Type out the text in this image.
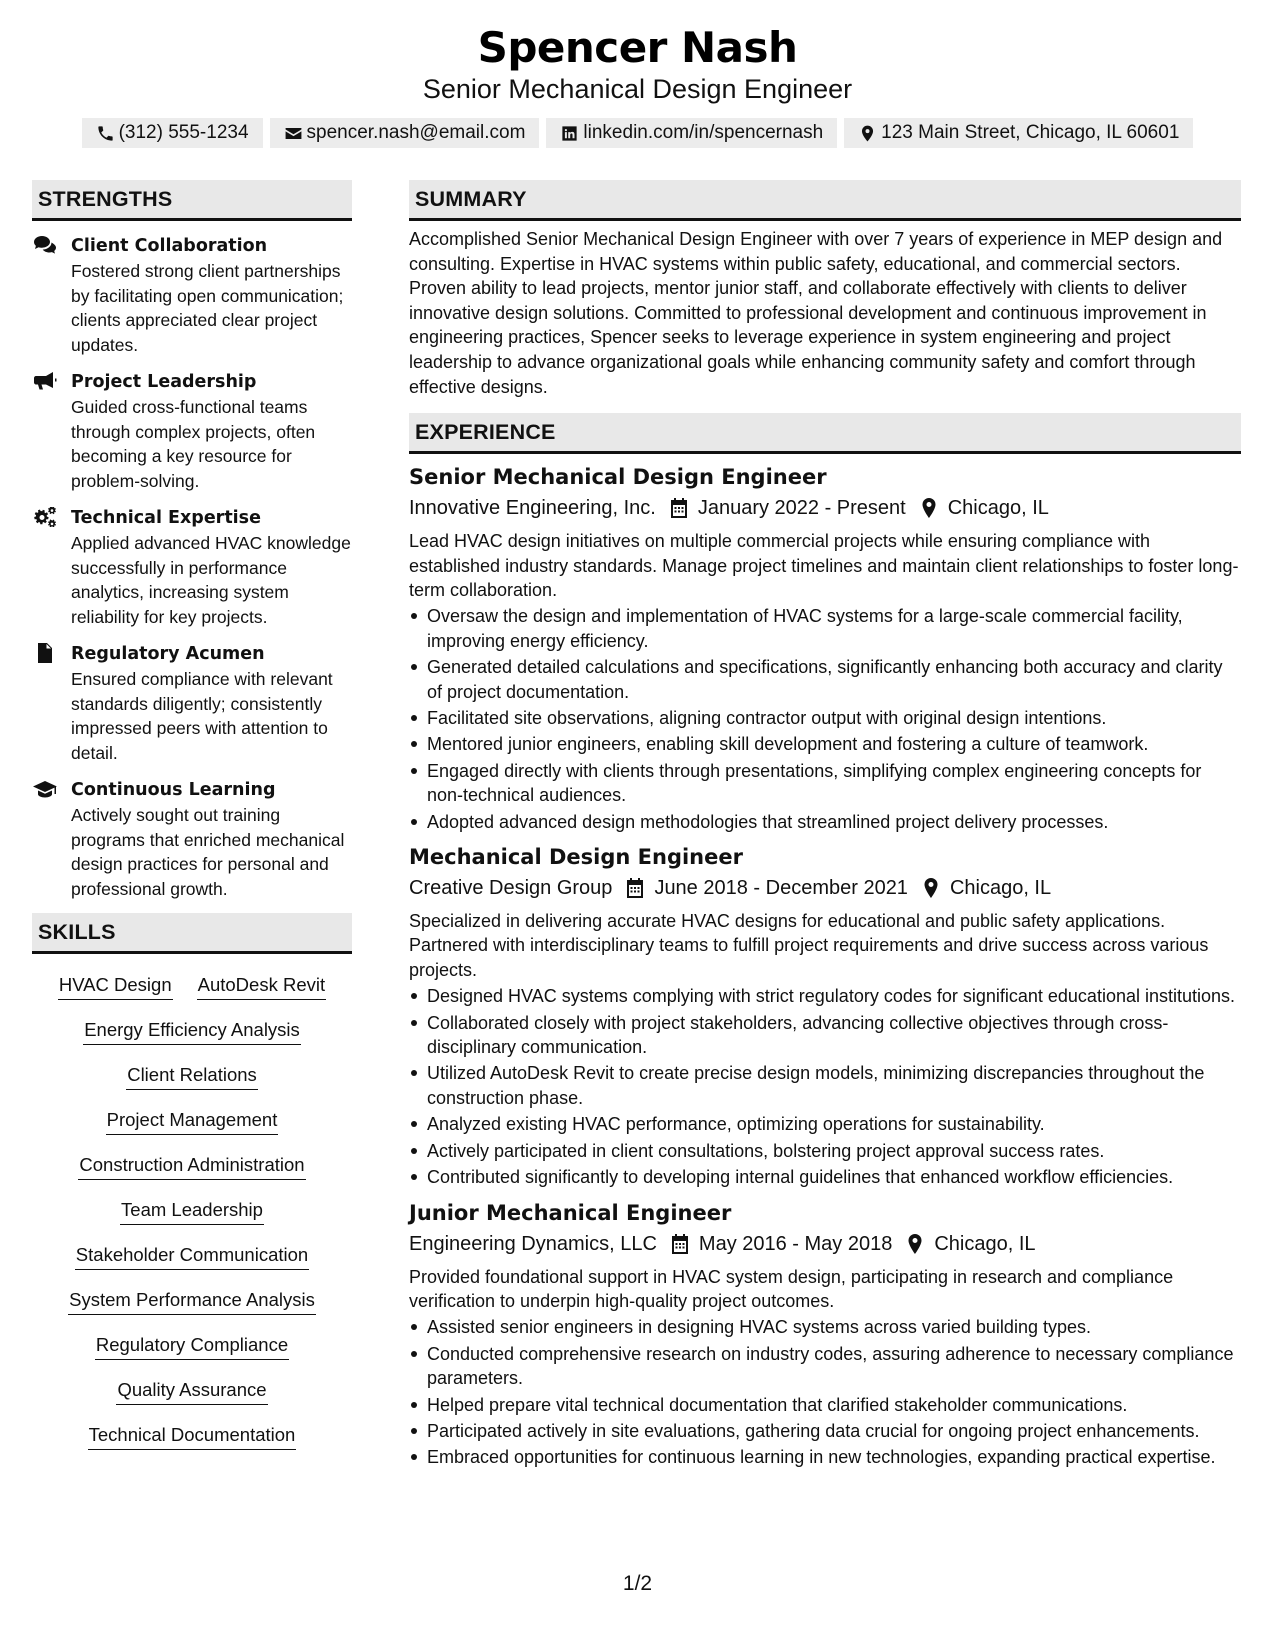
Spencer Nash
Senior Mechanical Design Engineer
(312) 555-1234	spencer.nash@email.com	linkedin.com/in/spencernash	123 Main Street, Chicago, IL 60601
STRENGTHS
Client Collaboration
Fostered strong client partnerships by facilitating open communication; clients appreciated clear project updates.
Project Leadership
Guided cross-functional teams through complex projects, often becoming a key resource for problem-solving.
Technical Expertise
Applied advanced HVAC knowledge successfully in performance analytics, increasing system reliability for key projects.
Regulatory Acumen
Ensured compliance with relevant standards diligently; consistently impressed peers with attention to detail.
Continuous Learning
Actively sought out training programs that enriched mechanical design practices for personal and professional growth.
SKILLS
HVAC Design AutoDesk Revit
Energy Efficiency Analysis
Client Relations
Project Management
Construction Administration
Team Leadership
Stakeholder Communication
System Performance Analysis
Regulatory Compliance
Quality Assurance
Technical Documentation
SUMMARY
Accomplished Senior Mechanical Design Engineer with over 7 years of experience in MEP design and consulting. Expertise in HVAC systems within public safety, educational, and commercial sectors. Proven ability to lead projects, mentor junior staff, and collaborate effectively with clients to deliver innovative design solutions. Committed to professional development and continuous improvement in engineering practices, Spencer seeks to leverage experience in system engineering and project leadership to advance organizational goals while enhancing community safety and comfort through effective designs.
EXPERIENCE
Senior Mechanical Design Engineer
Innovative Engineering, Inc. January 2022 - Present Chicago, IL
Lead HVAC design initiatives on multiple commercial projects while ensuring compliance with established industry standards. Manage project timelines and maintain client relationships to foster long-term collaboration.
Oversaw the design and implementation of HVAC systems for a large-scale commercial facility, improving energy efficiency.
Generated detailed calculations and specifications, significantly enhancing both accuracy and clarity of project documentation.
Facilitated site observations, aligning contractor output with original design intentions.
Mentored junior engineers, enabling skill development and fostering a culture of teamwork.
Engaged directly with clients through presentations, simplifying complex engineering concepts for non-technical audiences.
Adopted advanced design methodologies that streamlined project delivery processes.
Mechanical Design Engineer
Creative Design Group June 2018 - December 2021 Chicago, IL
Specialized in delivering accurate HVAC designs for educational and public safety applications. Partnered with interdisciplinary teams to fulfill project requirements and drive success across various projects.
Designed HVAC systems complying with strict regulatory codes for significant educational institutions.
Collaborated closely with project stakeholders, advancing collective objectives through cross-disciplinary communication.
Utilized AutoDesk Revit to create precise design models, minimizing discrepancies throughout the construction phase.
Analyzed existing HVAC performance, optimizing operations for sustainability.
Actively participated in client consultations, bolstering project approval success rates.
Contributed significantly to developing internal guidelines that enhanced workflow efficiencies.
Junior Mechanical Engineer
Engineering Dynamics, LLC May 2016 - May 2018 Chicago, IL
Provided foundational support in HVAC system design, participating in research and compliance verification to underpin high-quality project outcomes.
Assisted senior engineers in designing HVAC systems across varied building types.
Conducted comprehensive research on industry codes, assuring adherence to necessary compliance parameters.
Helped prepare vital technical documentation that clarified stakeholder communications.
Participated actively in site evaluations, gathering data crucial for ongoing project enhancements.
Embraced opportunities for continuous learning in new technologies, expanding practical expertise.
1/2
